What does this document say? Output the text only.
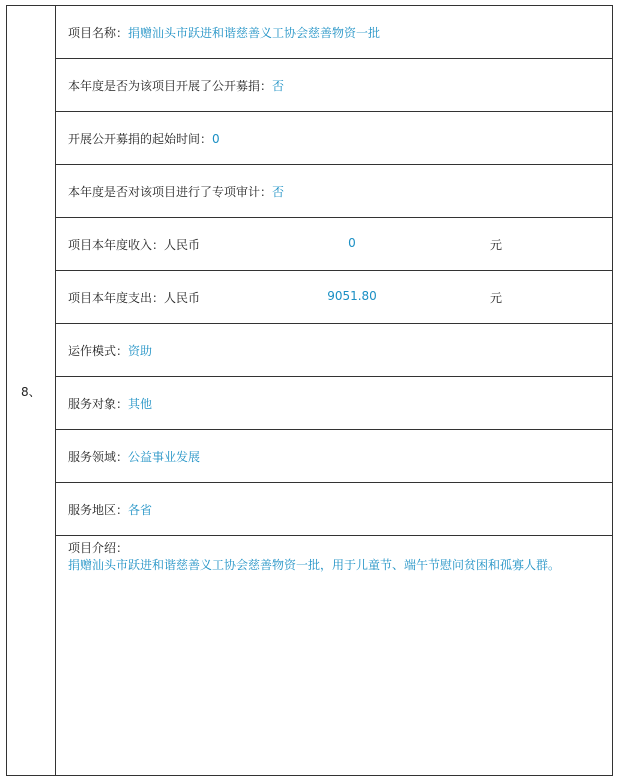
8、
项目名称：捐赠汕头市跃进和谐慈善义工协会慈善物资一批
本年度是否为该项目开展了公开募捐：否
开展公开募捐的起始时间：0
本年度是否对该项目进行了专项审计：否
项目本年度收入：人民币	0	元
项目本年度支出：人民币	9051.80	元
运作模式：资助
服务对象：其他
服务领域：公益事业发展
服务地区：各省
项目介绍：
捐赠汕头市跃进和谐慈善义工协会慈善物资一批，用于儿童节、端午节慰问贫困和孤寡人群。
